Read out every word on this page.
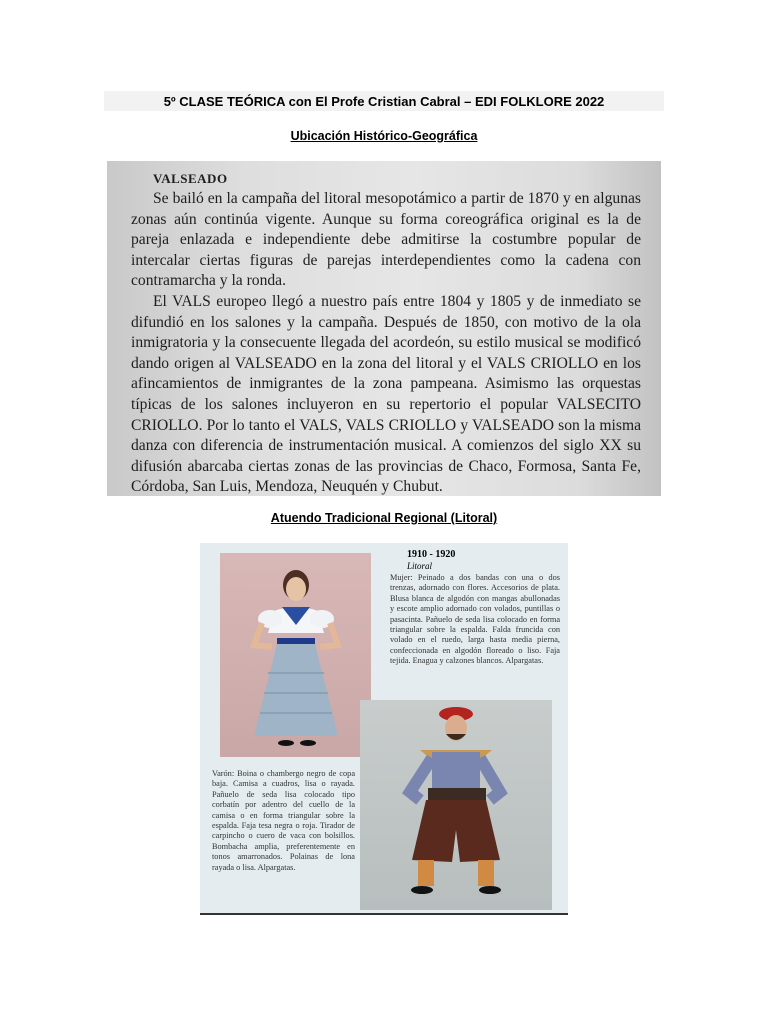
5º CLASE TEÓRICA con El Profe Cristian Cabral – EDI FOLKLORE 2022
Ubicación Histórico-Geográfica
VALSEADO

Se bailó en la campaña del litoral mesopotámico a partir de 1870 y en algunas zonas aún continúa vigente. Aunque su forma coreográfica original es la de pareja enlazada e independiente debe admitirse la costumbre popular de intercalar ciertas figuras de parejas interdependientes como la cadena con contramarcha y la ronda.

El VALS europeo llegó a nuestro país entre 1804 y 1805 y de inmediato se difundió en los salones y la campaña. Después de 1850, con motivo de la ola inmigratoria y la consecuente llegada del acordeón, su estilo musical se modificó dando origen al VALSEADO en la zona del litoral y el VALS CRIOLLO en los afincamientos de inmigrantes de la zona pampeana. Asimismo las orquestas típicas de los salones incluyeron en su repertorio el popular VALSECITO CRIOLLO. Por lo tanto el VALS, VALS CRIOLLO y VALSEADO son la misma danza con diferencia de instrumentación musical. A comienzos del siglo XX su difusión abarcaba ciertas zonas de las provincias de Chaco, Formosa, Santa Fe, Córdoba, San Luis, Mendoza, Neuquén y Chubut.

Atuendo Tradicional Regional (Litoral)
1910 - 1920
Litoral
Mujer: Peinado a dos bandas con una o dos trenzas, adornado con flores. Accesorios de plata. Blusa blanca de algodón con mangas abullonadas y escote amplio adornado con volados, puntillas o pasacinta. Pañuelo de seda lisa colocado en forma triangular sobre la espalda. Falda fruncida con volado en el ruedo, larga hasta media pierna, confeccionada en algodón floreado o liso. Faja tejida. Enagua y calzones blancos. Alpargatas.
Varón: Boina o chambergo negro de copa baja. Camisa a cuadros, lisa o rayada. Pañuelo de seda lisa colocado tipo corbatín por adentro del cuello de la camisa o en forma triangular sobre la espalda. Faja tesa negra o roja. Tirador de carpincho o cuero de vaca con bolsillos. Bombacha amplia, preferentemente en tonos amarronados. Polainas de lona rayada o lisa. Alpargatas.
